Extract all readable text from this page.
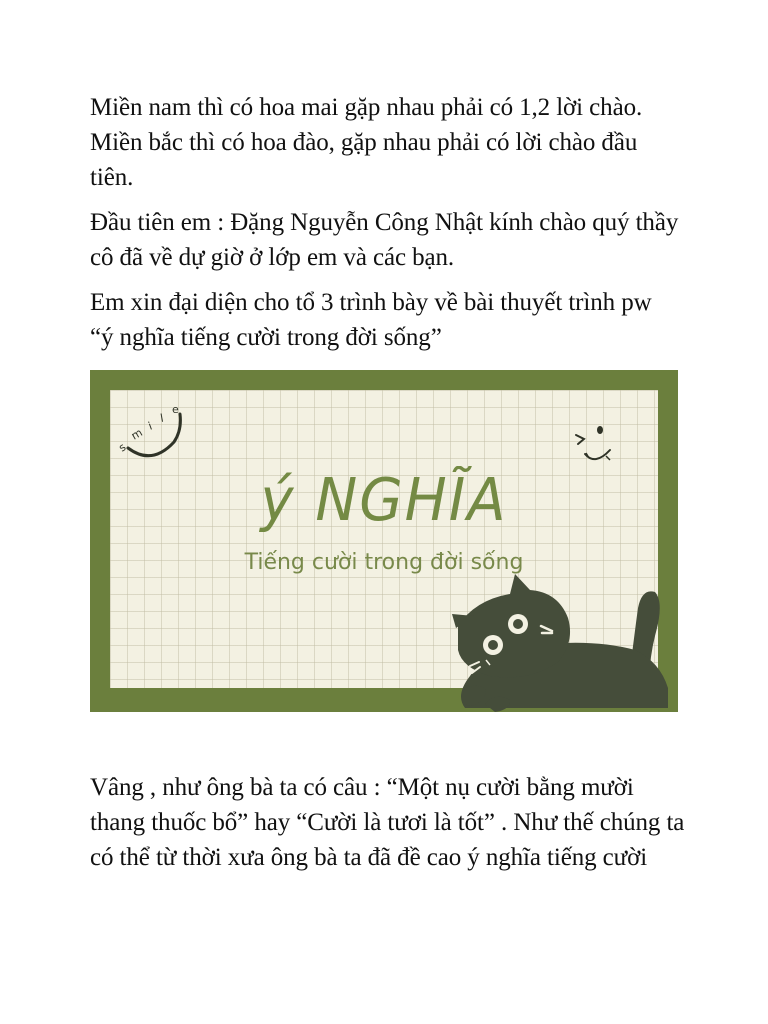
Miền nam thì có hoa mai gặp nhau phải có 1,2 lời chào. Miền bắc thì có hoa đào, gặp nhau phải có lời chào đầu tiên.

Đầu tiên em : Đặng Nguyễn Công Nhật kính chào quý thầy cô đã về dự giờ ở lớp em và các bạn.

Em xin đại diện cho tổ 3 trình bày về bài thuyết trình pw “ý nghĩa tiếng cười trong đời sống”

s
m i
l
e
ý NGHĨA
Tiếng cười trong đời sống

Vâng , như ông bà ta có câu : “Một nụ cười bằng mười thang thuốc bổ” hay “Cười là tươi là tốt” . Như thế chúng ta có thể từ thời xưa ông bà ta đã đề cao ý nghĩa tiếng cười
